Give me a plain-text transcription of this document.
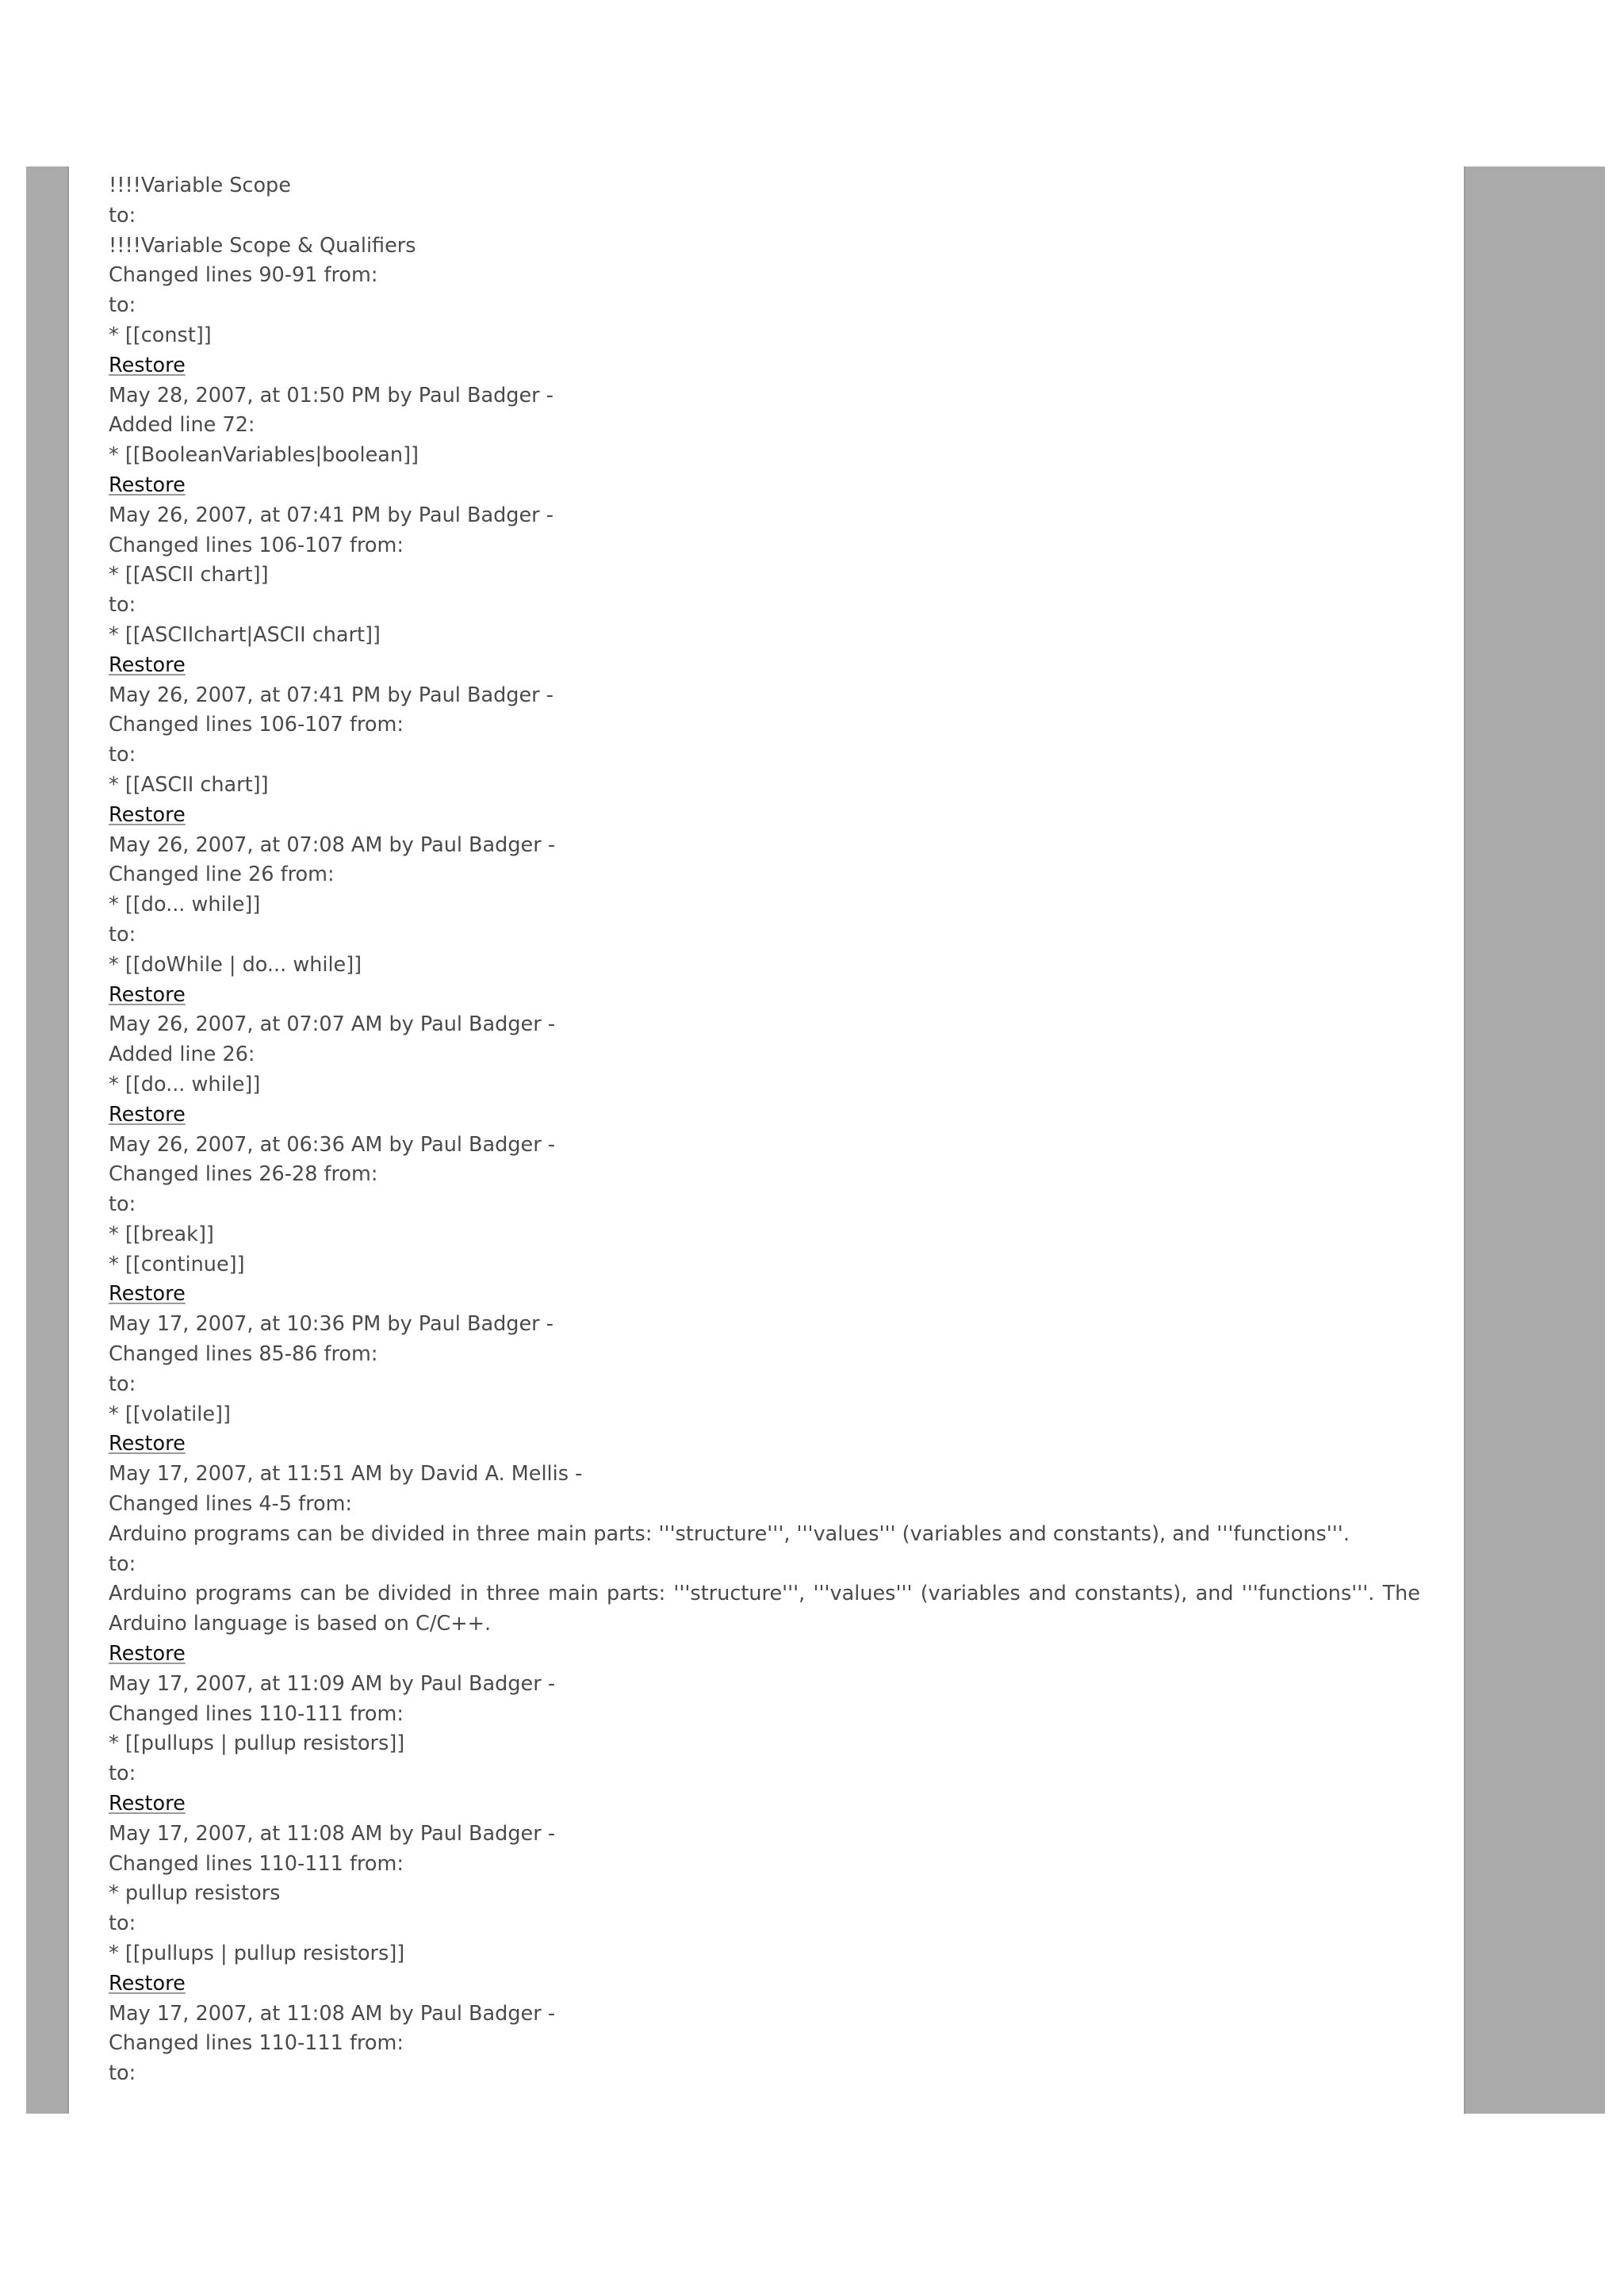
!!!!Variable Scope
to:
!!!!Variable Scope & Qualifiers
Changed lines 90-91 from:
to:
* [[const]]
Restore
May 28, 2007, at 01:50 PM by Paul Badger -
Added line 72:
* [[BooleanVariables|boolean]]
Restore
May 26, 2007, at 07:41 PM by Paul Badger -
Changed lines 106-107 from:
* [[ASCII chart]]
to:
* [[ASCIIchart|ASCII chart]]
Restore
May 26, 2007, at 07:41 PM by Paul Badger -
Changed lines 106-107 from:
to:
* [[ASCII chart]]
Restore
May 26, 2007, at 07:08 AM by Paul Badger -
Changed line 26 from:
* [[do... while]]
to:
* [[doWhile | do... while]]
Restore
May 26, 2007, at 07:07 AM by Paul Badger -
Added line 26:
* [[do... while]]
Restore
May 26, 2007, at 06:36 AM by Paul Badger -
Changed lines 26-28 from:
to:
* [[break]]
* [[continue]]
Restore
May 17, 2007, at 10:36 PM by Paul Badger -
Changed lines 85-86 from:
to:
* [[volatile]]
Restore
May 17, 2007, at 11:51 AM by David A. Mellis -
Changed lines 4-5 from:
Arduino programs can be divided in three main parts: '''structure''', '''values''' (variables and constants), and '''functions'''.
to:
Arduino programs can be divided in three main parts: '''structure''', '''values''' (variables and constants), and '''functions'''. The Arduino language is based on C/C++.
Restore
May 17, 2007, at 11:09 AM by Paul Badger -
Changed lines 110-111 from:
* [[pullups | pullup resistors]]
to:
Restore
May 17, 2007, at 11:08 AM by Paul Badger -
Changed lines 110-111 from:
* pullup resistors
to:
* [[pullups | pullup resistors]]
Restore
May 17, 2007, at 11:08 AM by Paul Badger -
Changed lines 110-111 from:
to:
